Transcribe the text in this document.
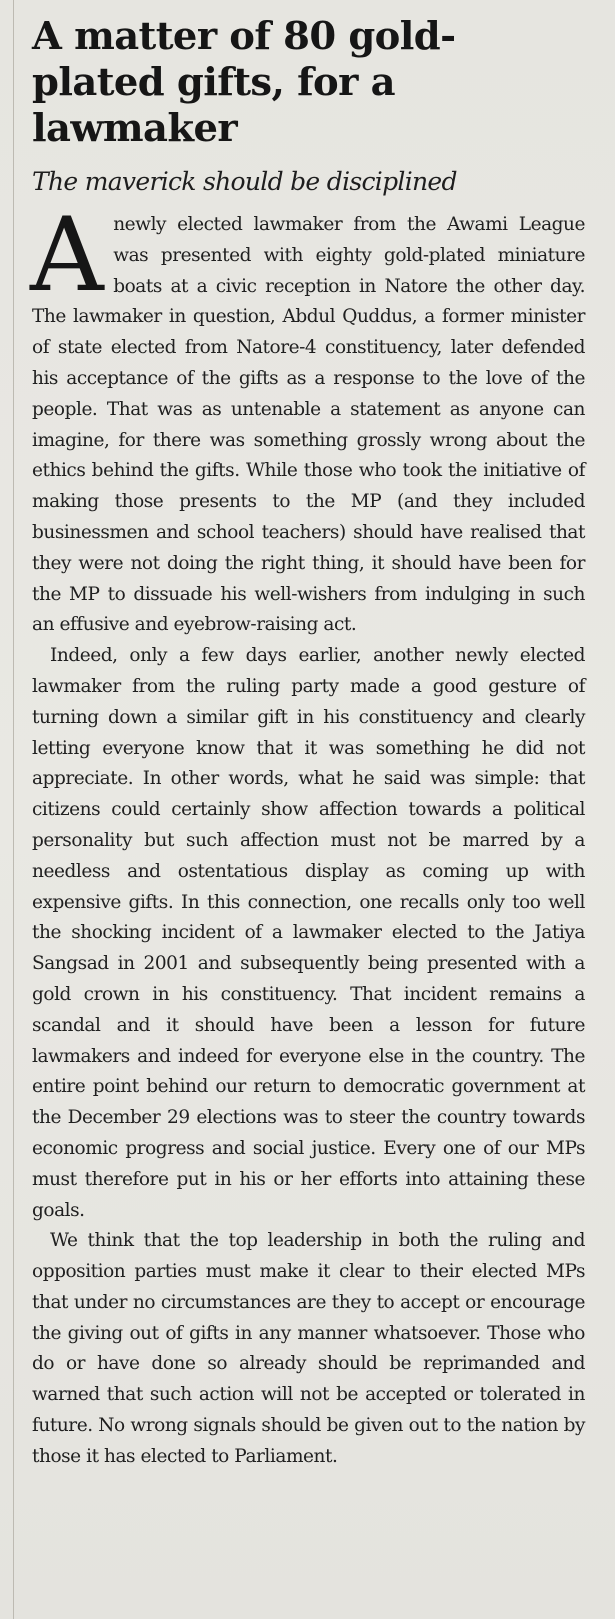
A matter of 80 gold-plated gifts, for a lawmaker
The maverick should be disciplined

A newly elected lawmaker from the Awami League was presented with eighty gold-plated miniature boats at a civic reception in Natore the other day. The lawmaker in question, Abdul Quddus, a former minister of state elected from Natore-4 constituency, later defended his acceptance of the gifts as a response to the love of the people. That was as untenable a statement as anyone can imagine, for there was something grossly wrong about the ethics behind the gifts. While those who took the initiative of making those presents to the MP (and they included businessmen and school teachers) should have realised that they were not doing the right thing, it should have been for the MP to dissuade his well-wishers from indulging in such an effusive and eyebrow-raising act.

Indeed, only a few days earlier, another newly elected lawmaker from the ruling party made a good gesture of turning down a similar gift in his constituency and clearly letting everyone know that it was something he did not appreciate. In other words, what he said was simple: that citizens could certainly show affection towards a political personality but such affection must not be marred by a needless and ostentatious display as coming up with expensive gifts. In this connection, one recalls only too well the shocking incident of a lawmaker elected to the Jatiya Sangsad in 2001 and subsequently being presented with a gold crown in his constituency. That incident remains a scandal and it should have been a lesson for future lawmakers and indeed for everyone else in the country. The entire point behind our return to democratic government at the December 29 elections was to steer the country towards economic progress and social justice. Every one of our MPs must therefore put in his or her efforts into attaining these goals.

We think that the top leadership in both the ruling and opposition parties must make it clear to their elected MPs that under no circumstances are they to accept or encourage the giving out of gifts in any manner whatsoever. Those who do or have done so already should be reprimanded and warned that such action will not be accepted or tolerated in future. No wrong signals should be given out to the nation by those it has elected to Parliament.
